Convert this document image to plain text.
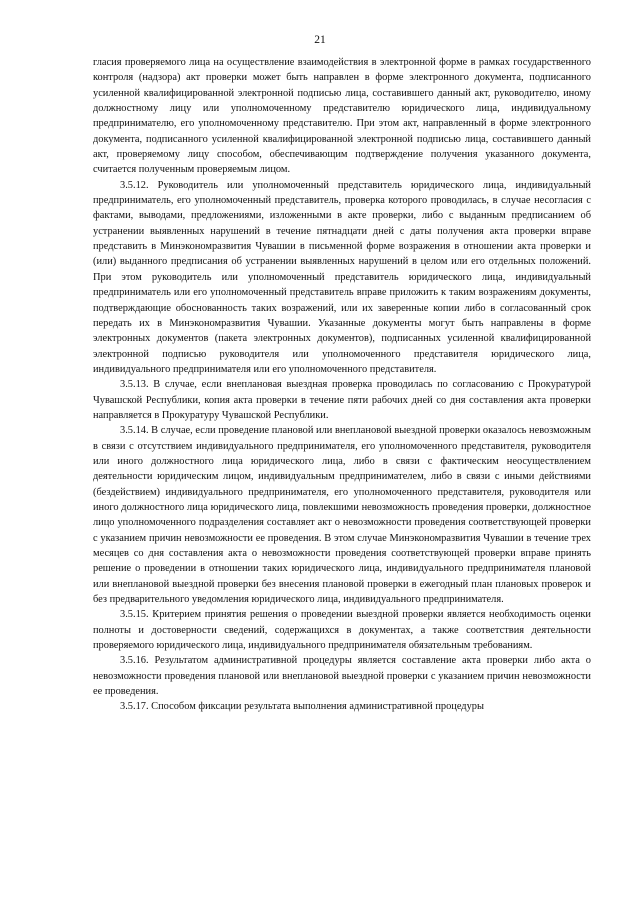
21

гласия проверяемого лица на осуществление взаимодействия в электронной форме в рамках государственного контроля (надзора) акт проверки может быть направлен в форме электронного документа, подписанного усиленной квалифицированной электронной подписью лица, составившего данный акт, руководителю, иному должностному лицу или уполномоченному представителю юридического лица, индивидуальному предпринимателю, его уполномоченному представителю. При этом акт, направленный в форме электронного документа, подписанного усиленной квалифицированной электронной подписью лица, составившего данный акт, проверяемому лицу способом, обеспечивающим подтверждение получения указанного документа, считается полученным проверяемым лицом.

3.5.12. Руководитель или уполномоченный представитель юридического лица, индивидуальный предприниматель, его уполномоченный представитель, проверка которого проводилась, в случае несогласия с фактами, выводами, предложениями, изложенными в акте проверки, либо с выданным предписанием об устранении выявленных нарушений в течение пятнадцати дней с даты получения акта проверки вправе представить в Минэкономразвития Чувашии в письменной форме возражения в отношении акта проверки и (или) выданного предписания об устранении выявленных нарушений в целом или его отдельных положений. При этом руководитель или уполномоченный представитель юридического лица, индивидуальный предприниматель или его уполномоченный представитель вправе приложить к таким возражениям документы, подтверждающие обоснованность таких возражений, или их заверенные копии либо в согласованный срок передать их в Минэкономразвития Чувашии. Указанные документы могут быть направлены в форме электронных документов (пакета электронных документов), подписанных усиленной квалифицированной электронной подписью руководителя или уполномоченного представителя юридического лица, индивидуального предпринимателя или его уполномоченного представителя.

3.5.13. В случае, если внеплановая выездная проверка проводилась по согласованию с Прокуратурой Чувашской Республики, копия акта проверки в течение пяти рабочих дней со дня составления акта проверки направляется в Прокуратуру Чувашской Республики.

3.5.14. В случае, если проведение плановой или внеплановой выездной проверки оказалось невозможным в связи с отсутствием индивидуального предпринимателя, его уполномоченного представителя, руководителя или иного должностного лица юридического лица, либо в связи с фактическим неосуществлением деятельности юридическим лицом, индивидуальным предпринимателем, либо в связи с иными действиями (бездействием) индивидуального предпринимателя, его уполномоченного представителя, руководителя или иного должностного лица юридического лица, повлекшими невозможность проведения проверки, должностное лицо уполномоченного подразделения составляет акт о невозможности проведения соответствующей проверки с указанием причин невозможности ее проведения. В этом случае Минэкономразвития Чувашии в течение трех месяцев со дня составления акта о невозможности проведения соответствующей проверки вправе принять решение о проведении в отношении таких юридического лица, индивидуального предпринимателя плановой или внеплановой выездной проверки без внесения плановой проверки в ежегодный план плановых проверок и без предварительного уведомления юридического лица, индивидуального предпринимателя.

3.5.15. Критерием принятия решения о проведении выездной проверки является необходимость оценки полноты и достоверности сведений, содержащихся в документах, а также соответствия деятельности проверяемого юридического лица, индивидуального предпринимателя обязательным требованиям.

3.5.16. Результатом административной процедуры является составление акта проверки либо акта о невозможности проведения плановой или внеплановой выездной проверки с указанием причин невозможности ее проведения.

3.5.17. Способом фиксации результата выполнения административной процедуры
